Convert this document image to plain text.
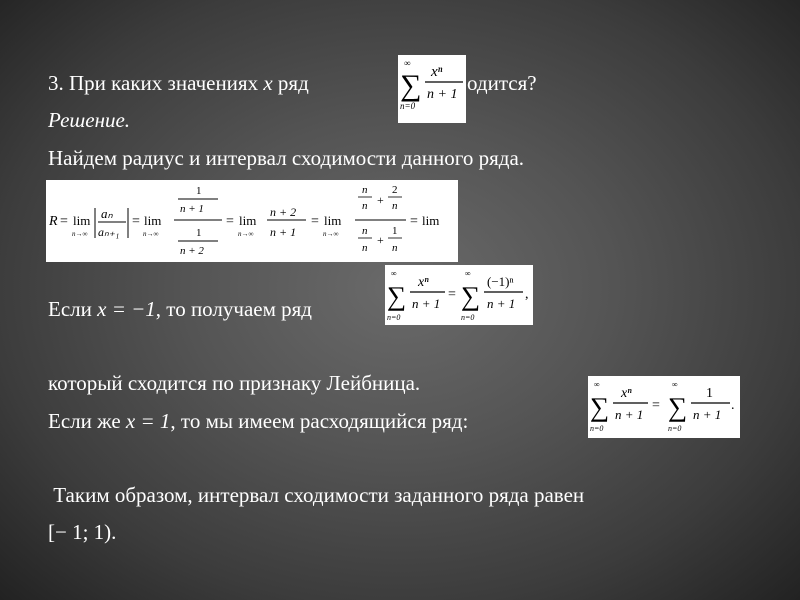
3. При каких значениях x ряд	одится?
∞
∑
n=0
xⁿ
n + 1
Решение.
Найдем радиус и интервал сходимости данного ряда.
R = lim
n→∞
aₙ
aₙ₊₁
= lim
n→∞
1
n + 1
1
n + 2
= lim
n→∞
n + 2
n + 1
= lim
n→∞
n
n +
2
n
n
n
+
1
n
= lim
Если x = −1, то получаем ряд
∞
∑
n=0
xⁿ
n + 1
=
∞
∑
n=0
(−1)ⁿ
n + 1
,
который сходится по признаку Лейбница.
Если же x = 1, то мы имеем расходящийся ряд:
∞
∑
n=0
xⁿ
n + 1
=
∞
∑
n=0
1
n + 1
.
Таким образом, интервал сходимости заданного ряда равен
[− 1; 1).
